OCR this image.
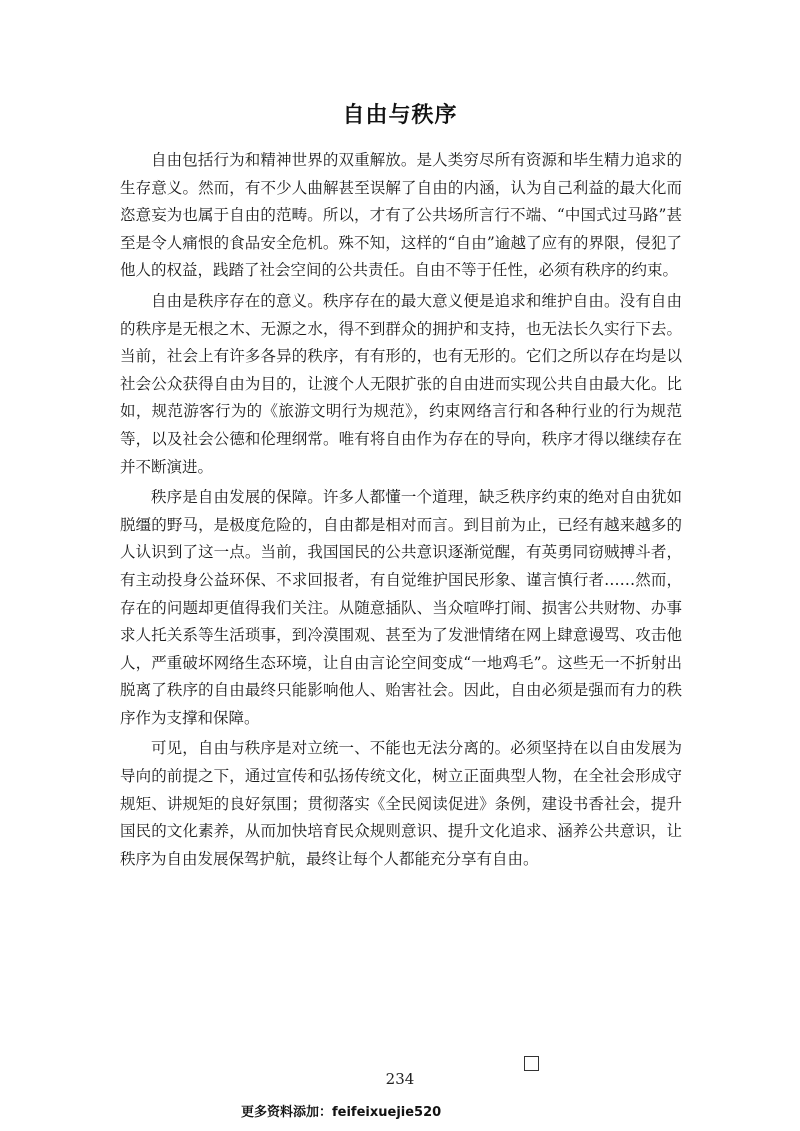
自由与秩序

自由包括行为和精神世界的双重解放。是人类穷尽所有资源和毕生精力追求的生存意义。然而，有不少人曲解甚至误解了自由的内涵，认为自己利益的最大化而恣意妄为也属于自由的范畴。所以，才有了公共场所言行不端、“中国式过马路”甚至是令人痛恨的食品安全危机。殊不知，这样的“自由”逾越了应有的界限，侵犯了他人的权益，践踏了社会空间的公共责任。自由不等于任性，必须有秩序的约束。

自由是秩序存在的意义。秩序存在的最大意义便是追求和维护自由。没有自由的秩序是无根之木、无源之水，得不到群众的拥护和支持，也无法长久实行下去。当前，社会上有许多各异的秩序，有有形的，也有无形的。它们之所以存在均是以社会公众获得自由为目的，让渡个人无限扩张的自由进而实现公共自由最大化。比如，规范游客行为的《旅游文明行为规范》，约束网络言行和各种行业的行为规范等，以及社会公德和伦理纲常。唯有将自由作为存在的导向，秩序才得以继续存在并不断演进。

秩序是自由发展的保障。许多人都懂一个道理，缺乏秩序约束的绝对自由犹如脱缰的野马，是极度危险的，自由都是相对而言。到目前为止，已经有越来越多的人认识到了这一点。当前，我国国民的公共意识逐渐觉醒，有英勇同窃贼搏斗者，有主动投身公益环保、不求回报者，有自觉维护国民形象、谨言慎行者……然而，存在的问题却更值得我们关注。从随意插队、当众喧哗打闹、损害公共财物、办事求人托关系等生活琐事，到冷漠围观、甚至为了发泄情绪在网上肆意谩骂、攻击他人，严重破坏网络生态环境，让自由言论空间变成“一地鸡毛”。这些无一不折射出脱离了秩序的自由最终只能影响他人、贻害社会。因此，自由必须是强而有力的秩序作为支撑和保障。

可见，自由与秩序是对立统一、不能也无法分离的。必须坚持在以自由发展为导向的前提之下，通过宣传和弘扬传统文化，树立正面典型人物，在全社会形成守规矩、讲规矩的良好氛围；贯彻落实《全民阅读促进》条例，建设书香社会，提升国民的文化素养，从而加快培育民众规则意识、提升文化追求、涵养公共意识，让秩序为自由发展保驾护航，最终让每个人都能充分享有自由。

234
更多资料添加：feifeixuejie520
